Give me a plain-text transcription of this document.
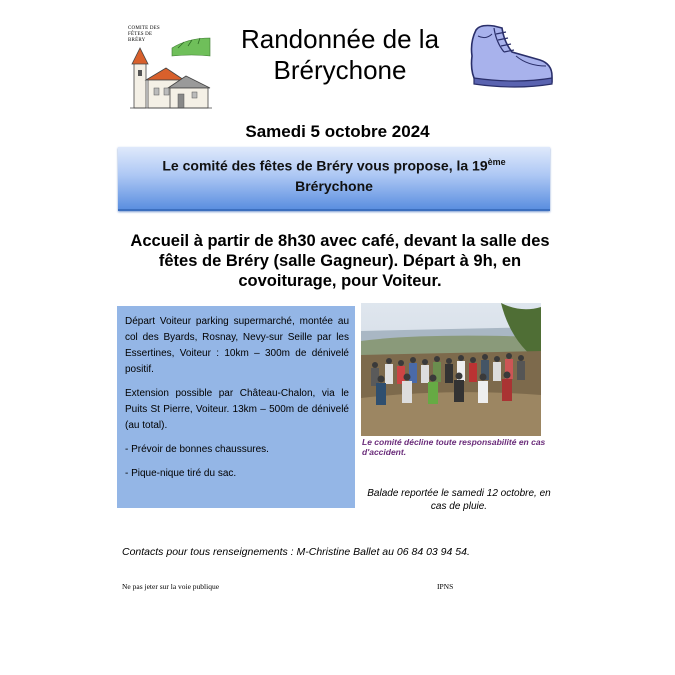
COMITE DES FÊTES DE BRÉRY	Randonnée de la Brérychone
Samedi 5 octobre 2024
Le comité des fêtes de Bréry vous propose, la 19ème
Brérychone
Accueil à partir de 8h30 avec café, devant la salle des fêtes de Bréry (salle Gagneur). Départ à 9h, en covoiturage, pour Voiteur.

Départ Voiteur parking supermarché, montée au col des Byards, Rosnay, Nevy-sur Seille par les Essertines, Voiteur : 10km – 300m de dénivelé positif.

Extension possible par Château-Chalon, via le Puits St Pierre, Voiteur. 13km – 500m de dénivelé (au total).

- Prévoir de bonnes chaussures.

- Pique-nique tiré du sac.

Le comité décline toute responsabilité en cas d'accident.
Balade reportée le samedi 12 octobre, en cas de pluie.
Contacts pour tous renseignements : M-Christine Ballet au 06 84 03 94 54.
Ne pas jeter sur la voie publique	IPNS
